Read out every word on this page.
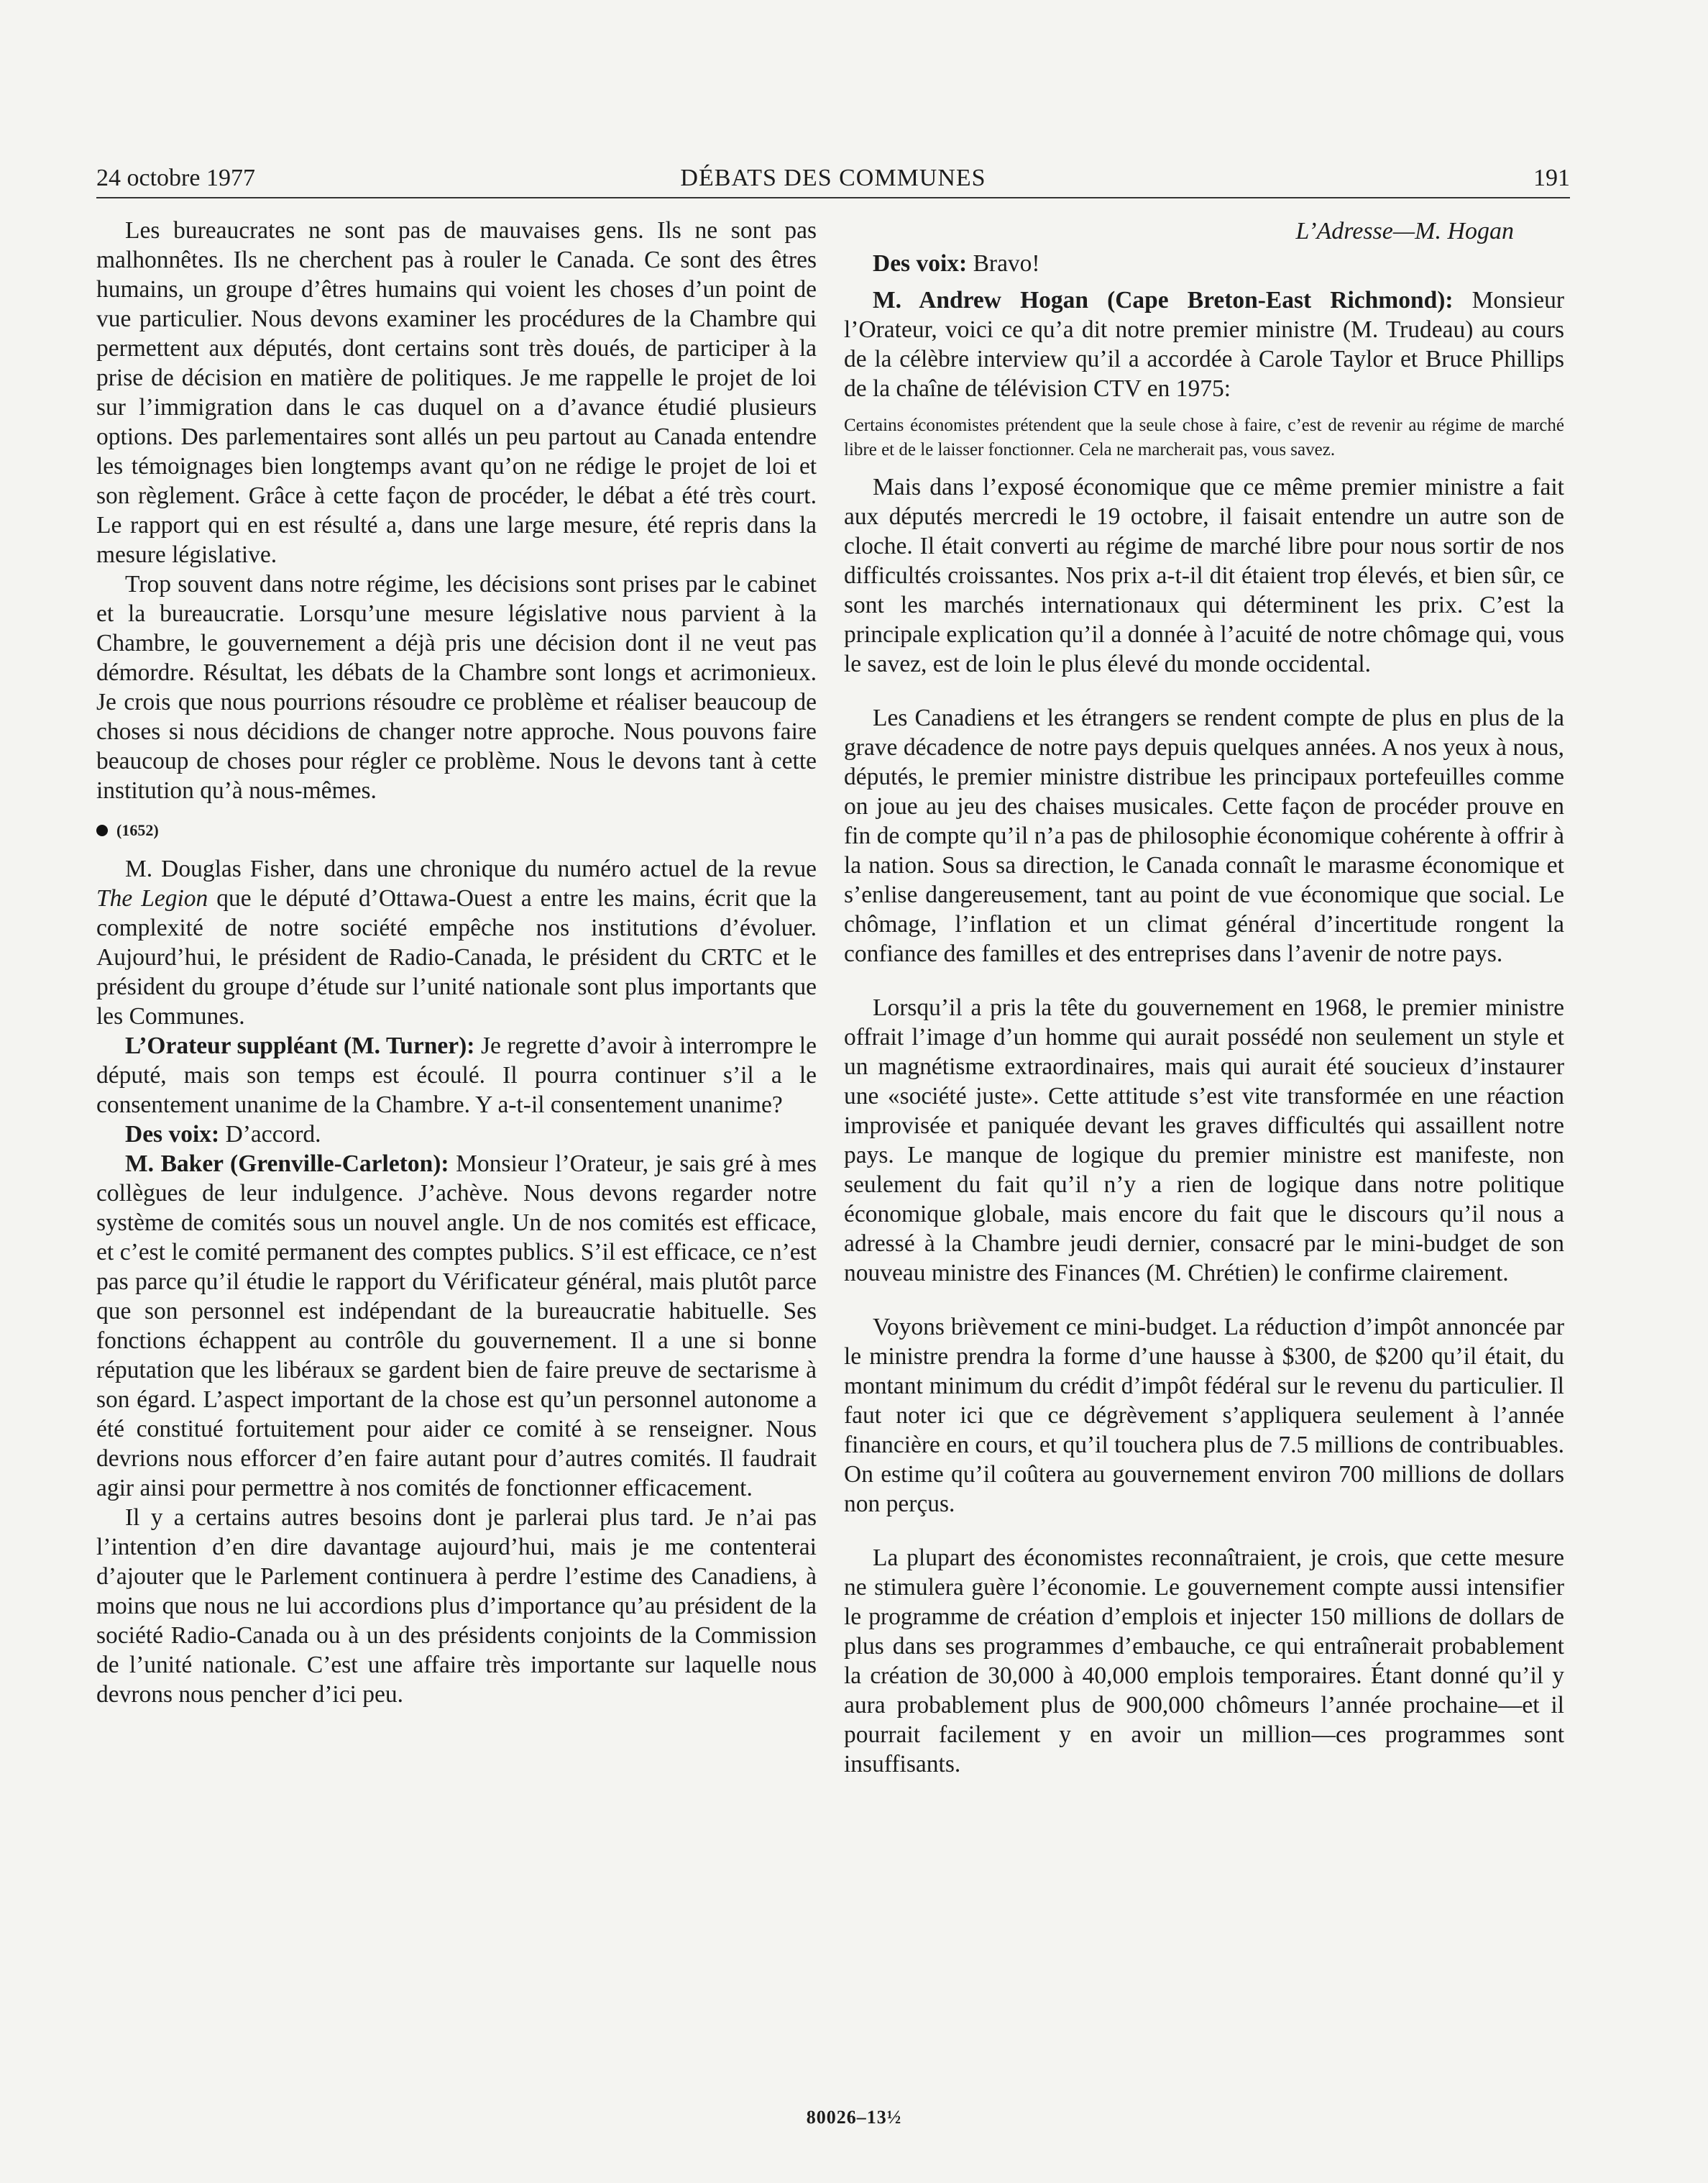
24 octobre 1977	DÉBATS DES COMMUNES	191

Les bureaucrates ne sont pas de mauvaises gens. Ils ne sont pas malhonnêtes. Ils ne cherchent pas à rouler le Canada. Ce sont des êtres humains, un groupe d’êtres humains qui voient les choses d’un point de vue particulier. Nous devons examiner les procédures de la Chambre qui permettent aux députés, dont certains sont très doués, de participer à la prise de décision en matière de politiques. Je me rappelle le projet de loi sur l’immigration dans le cas duquel on a d’avance étudié plusieurs options. Des parlementaires sont allés un peu partout au Canada entendre les témoignages bien longtemps avant qu’on ne rédige le projet de loi et son règlement. Grâce à cette façon de procéder, le débat a été très court. Le rapport qui en est résulté a, dans une large mesure, été repris dans la mesure législative.

Trop souvent dans notre régime, les décisions sont prises par le cabinet et la bureaucratie. Lorsqu’une mesure législative nous parvient à la Chambre, le gouvernement a déjà pris une décision dont il ne veut pas démordre. Résultat, les débats de la Chambre sont longs et acrimonieux. Je crois que nous pourrions résoudre ce problème et réaliser beaucoup de choses si nous décidions de changer notre approche. Nous pouvons faire beaucoup de choses pour régler ce problème. Nous le devons tant à cette institution qu’à nous-mêmes.

(1652)

M. Douglas Fisher, dans une chronique du numéro actuel de la revue The Legion que le député d’Ottawa-Ouest a entre les mains, écrit que la complexité de notre société empêche nos institutions d’évoluer. Aujourd’hui, le président de Radio-Canada, le président du CRTC et le président du groupe d’étude sur l’unité nationale sont plus importants que les Communes.

L’Orateur suppléant (M. Turner): Je regrette d’avoir à interrompre le député, mais son temps est écoulé. Il pourra continuer s’il a le consentement unanime de la Chambre. Y a-t-il consentement unanime?

Des voix: D’accord.

M. Baker (Grenville-Carleton): Monsieur l’Orateur, je sais gré à mes collègues de leur indulgence. J’achève. Nous devons regarder notre système de comités sous un nouvel angle. Un de nos comités est efficace, et c’est le comité permanent des comptes publics. S’il est efficace, ce n’est pas parce qu’il étudie le rapport du Vérificateur général, mais plutôt parce que son personnel est indépendant de la bureaucratie habituelle. Ses fonctions échappent au contrôle du gouvernement. Il a une si bonne réputation que les libéraux se gardent bien de faire preuve de sectarisme à son égard. L’aspect important de la chose est qu’un personnel autonome a été constitué fortuitement pour aider ce comité à se renseigner. Nous devrions nous efforcer d’en faire autant pour d’autres comités. Il faudrait agir ainsi pour permettre à nos comités de fonctionner efficacement.

Il y a certains autres besoins dont je parlerai plus tard. Je n’ai pas l’intention d’en dire davantage aujourd’hui, mais je me contenterai d’ajouter que le Parlement continuera à perdre l’estime des Canadiens, à moins que nous ne lui accordions plus d’importance qu’au président de la société Radio-Canada ou à un des présidents conjoints de la Commission de l’unité nationale. C’est une affaire très importante sur laquelle nous devrons nous pencher d’ici peu.

L’Adresse—M. Hogan

Des voix: Bravo!

M. Andrew Hogan (Cape Breton-East Richmond): Monsieur l’Orateur, voici ce qu’a dit notre premier ministre (M. Trudeau) au cours de la célèbre interview qu’il a accordée à Carole Taylor et Bruce Phillips de la chaîne de télévision CTV en 1975:

Certains économistes prétendent que la seule chose à faire, c’est de revenir au régime de marché libre et de le laisser fonctionner. Cela ne marcherait pas, vous savez.

Mais dans l’exposé économique que ce même premier ministre a fait aux députés mercredi le 19 octobre, il faisait entendre un autre son de cloche. Il était converti au régime de marché libre pour nous sortir de nos difficultés croissantes. Nos prix a-t-il dit étaient trop élevés, et bien sûr, ce sont les marchés internationaux qui déterminent les prix. C’est la principale explication qu’il a donnée à l’acuité de notre chômage qui, vous le savez, est de loin le plus élevé du monde occidental.

Les Canadiens et les étrangers se rendent compte de plus en plus de la grave décadence de notre pays depuis quelques années. A nos yeux à nous, députés, le premier ministre distribue les principaux portefeuilles comme on joue au jeu des chaises musicales. Cette façon de procéder prouve en fin de compte qu’il n’a pas de philosophie économique cohérente à offrir à la nation. Sous sa direction, le Canada connaît le marasme économique et s’enlise dangereusement, tant au point de vue économique que social. Le chômage, l’inflation et un climat général d’incertitude rongent la confiance des familles et des entreprises dans l’avenir de notre pays.

Lorsqu’il a pris la tête du gouvernement en 1968, le premier ministre offrait l’image d’un homme qui aurait possédé non seulement un style et un magnétisme extraordinaires, mais qui aurait été soucieux d’instaurer une «société juste». Cette attitude s’est vite transformée en une réaction improvisée et paniquée devant les graves difficultés qui assaillent notre pays. Le manque de logique du premier ministre est manifeste, non seulement du fait qu’il n’y a rien de logique dans notre politique économique globale, mais encore du fait que le discours qu’il nous a adressé à la Chambre jeudi dernier, consacré par le mini-budget de son nouveau ministre des Finances (M. Chrétien) le confirme clairement.

Voyons brièvement ce mini-budget. La réduction d’impôt annoncée par le ministre prendra la forme d’une hausse à $300, de $200 qu’il était, du montant minimum du crédit d’impôt fédéral sur le revenu du particulier. Il faut noter ici que ce dégrèvement s’appliquera seulement à l’année financière en cours, et qu’il touchera plus de 7.5 millions de contribuables. On estime qu’il coûtera au gouvernement environ 700 millions de dollars non perçus.

La plupart des économistes reconnaîtraient, je crois, que cette mesure ne stimulera guère l’économie. Le gouvernement compte aussi intensifier le programme de création d’emplois et injecter 150 millions de dollars de plus dans ses programmes d’embauche, ce qui entraînerait probablement la création de 30,000 à 40,000 emplois temporaires. Étant donné qu’il y aura probablement plus de 900,000 chômeurs l’année prochaine—et il pourrait facilement y en avoir un million—ces programmes sont insuffisants.

80026–13½
